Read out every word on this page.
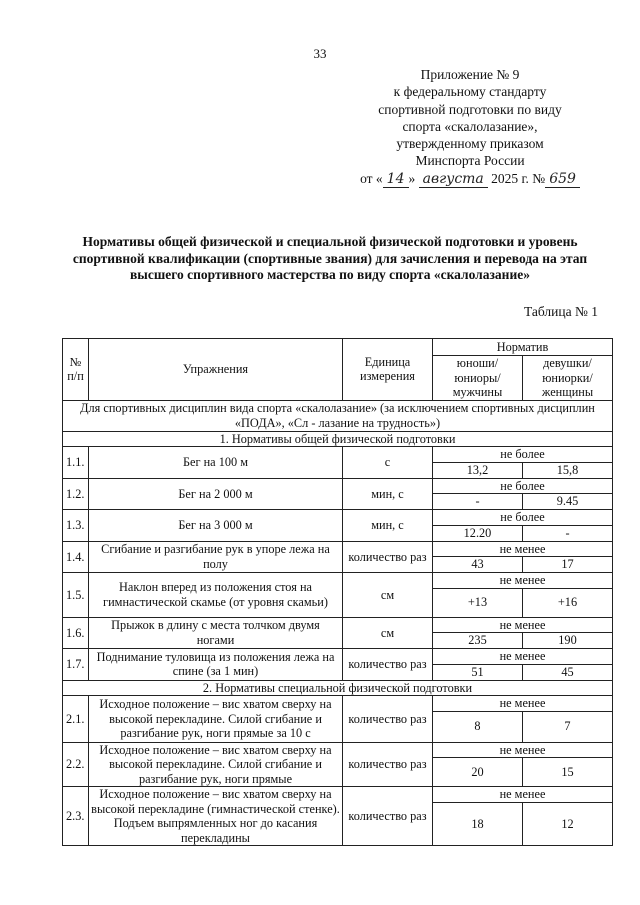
33
Приложение № 9
к федеральному стандарту
спортивной подготовки по виду
спорта «скалолазание»,
утвержденному приказом
Минспорта России
от « 14 » августа 2025 г. № 659
Нормативы общей физической и специальной физической подготовки и уровень спортивной квалификации (спортивные звания) для зачисления и перевода на этап высшего спортивного мастерства по виду спорта «скалолазание»
Таблица № 1
№ п/п	Упражнения	Единица измерения	Норматив	
			юноши/ юниоры/ мужчины	девушки/ юниорки/ женщины
Для спортивных дисциплин вида спорта «скалолазание» (за исключением спортивных дисциплин «ПОДА», «Сл - лазание на трудность»)				
1. Нормативы общей физической подготовки				
1.1.	Бег на 100 м	с	не более	
			13,2	15,8
1.2.	Бег на 2 000 м	мин, с	не более	
			-	9.45
1.3.	Бег на 3 000 м	мин, с	не более	
			12.20	-
1.4.	Сгибание и разгибание рук в упоре лежа на полу	количество раз	не менее	
			43	17
1.5.	Наклон вперед из положения стоя на гимнастической скамье (от уровня скамьи)	см	не менее	
			+13	+16
1.6.	Прыжок в длину с места толчком двумя ногами	см	не менее	
			235	190
1.7.	Поднимание туловища из положения лежа на спине (за 1 мин)	количество раз	не менее	
			51	45
2. Нормативы специальной физической подготовки				
2.1.	Исходное положение – вис хватом сверху на высокой перекладине. Силой сгибание и разгибание рук, ноги прямые за 10 с	количество раз	не менее	
			8	7
2.2.	Исходное положение – вис хватом сверху на высокой перекладине. Силой сгибание и разгибание рук, ноги прямые	количество раз	не менее	
			20	15
2.3.	Исходное положение – вис хватом сверху на высокой перекладине (гимнастической стенке). Подъем выпрямленных ног до касания перекладины	количество раз	не менее	
			18	12
